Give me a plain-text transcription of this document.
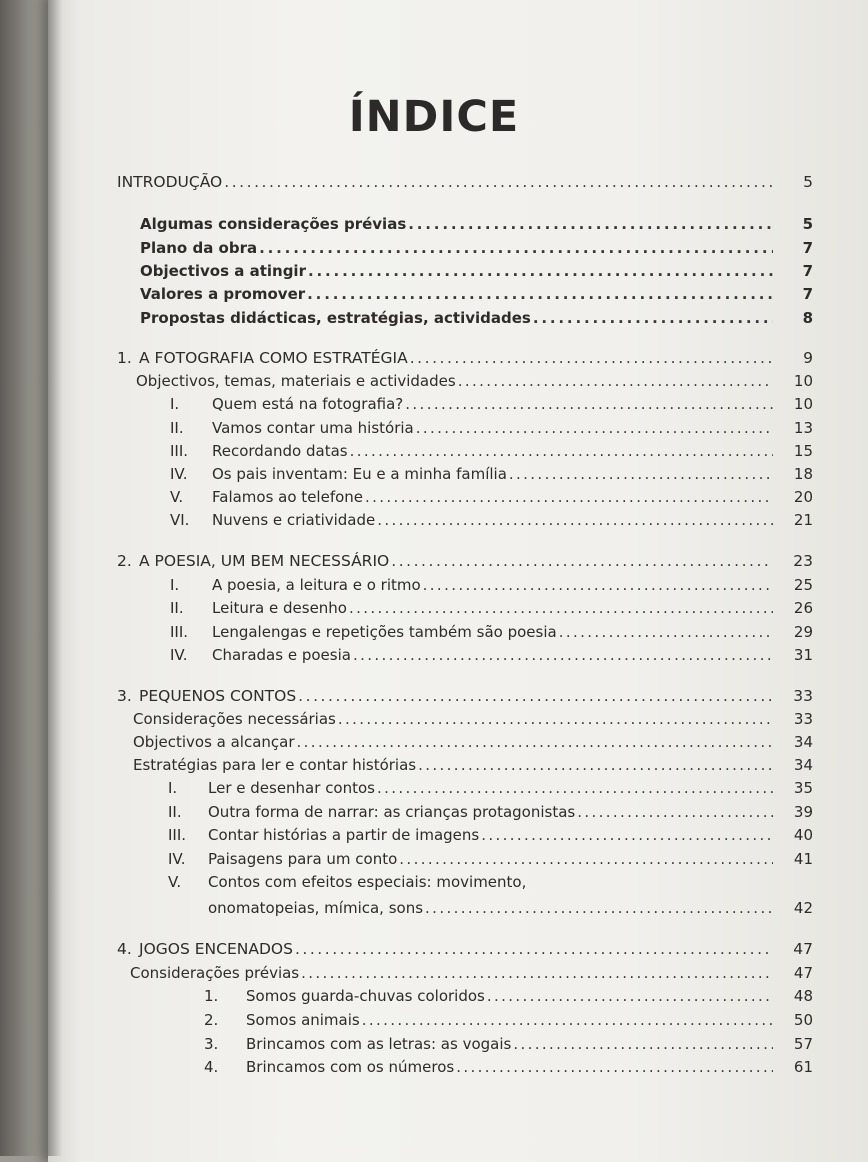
ÍNDICE
INTRODUÇÃO . . .	5
Algumas considerações prévias . . .	5
Plano da obra . . .	7
Objectivos a atingir . . .	7
Valores a promover . . .	7
Propostas didácticas, estratégias, actividades . . .	8
1. A FOTOGRAFIA COMO ESTRATÉGIA . . .	9
Objectivos, temas, materiais e actividades . . .	10
I.	Quem está na fotografia? . . .	10
II.	Vamos contar uma história . . .	13
III.	Recordando datas . . .	15
IV.	Os pais inventam: Eu e a minha família . . .	18
V.	Falamos ao telefone . . .	20
VI.	Nuvens e criatividade . . .	21
2. A POESIA, UM BEM NECESSÁRIO . . .	23
I.	A poesia, a leitura e o ritmo . . .	25
II.	Leitura e desenho . . .	26
III.	Lengalengas e repetições também são poesia . . .	29
IV.	Charadas e poesia . . .	31
3. PEQUENOS CONTOS . . .	33
Considerações necessárias . . .	33
Objectivos a alcançar . . .	34
Estratégias para ler e contar histórias . . .	34
I.	Ler e desenhar contos . . .	35
II.	Outra forma de narrar: as crianças protagonistas . . .	39
III.	Contar histórias a partir de imagens . . .	40
IV.	Paisagens para um conto . . .	41
V. Contos com efeitos especiais: movimento,
onomatopeias, mímica, sons . . .	42
4. JOGOS ENCENADOS . . .	47
Considerações prévias . . .	47
1.	Somos guarda-chuvas coloridos . . .	48
2.	Somos animais . . .	50
3.	Brincamos com as letras: as vogais . . .	57
4.	Brincamos com os números . . .	61
